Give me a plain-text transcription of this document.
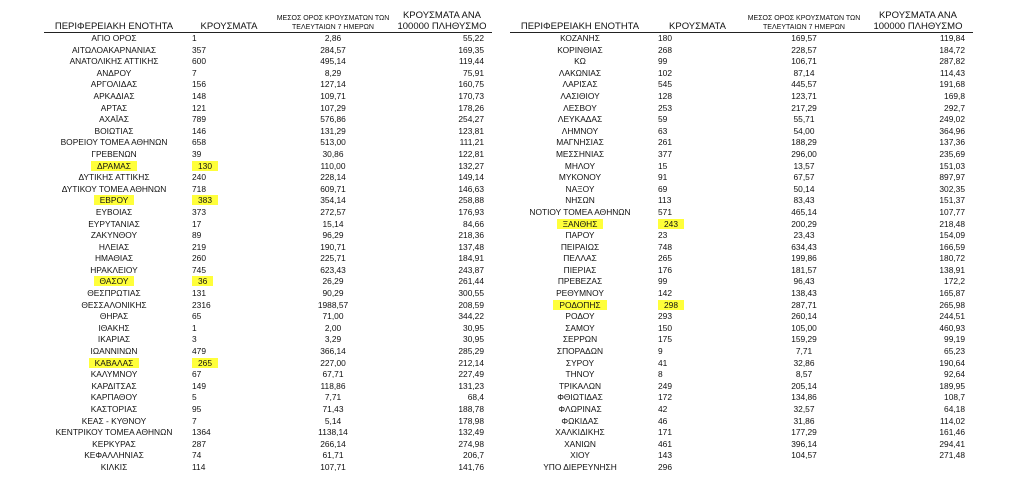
ΠΕΡΙΦΕΡΕΙΑΚΗ ΕΝΟΤΗΤΑ	ΚΡΟΥΣΜΑΤΑ	ΜΕΣΟΣ ΟΡΟΣ ΚΡΟΥΣΜΑΤΩΝ ΤΩΝ ΤΕΛΕΥΤΑΙΩΝ 7 ΗΜΕΡΩΝ	ΚΡΟΥΣΜΑΤΑ ΑΝΑ 100000 ΠΛΗΘΥΣΜΟ
ΑΓΙΟ ΟΡΟΣ	1	2,86	55,22
ΑΙΤΩΛΟΑΚΑΡΝΑΝΙΑΣ	357	284,57	169,35
ΑΝΑΤΟΛΙΚΗΣ ΑΤΤΙΚΗΣ	600	495,14	119,44
ΑΝΔΡΟΥ	7	8,29	75,91
ΑΡΓΟΛΙΔΑΣ	156	127,14	160,75
ΑΡΚΑΔΙΑΣ	148	109,71	170,73
ΑΡΤΑΣ	121	107,29	178,26
ΑΧΑΪΑΣ	789	576,86	254,27
ΒΟΙΩΤΙΑΣ	146	131,29	123,81
ΒΟΡΕΙΟΥ ΤΟΜΕΑ ΑΘΗΝΩΝ	658	513,00	111,21
ΓΡΕΒΕΝΩΝ	39	30,86	122,81
ΔΡΑΜΑΣ	130	110,00	132,27
ΔΥΤΙΚΗΣ ΑΤΤΙΚΗΣ	240	228,14	149,14
ΔΥΤΙΚΟΥ ΤΟΜΕΑ ΑΘΗΝΩΝ	718	609,71	146,63
ΕΒΡΟΥ	383	354,14	258,88
ΕΥΒΟΙΑΣ	373	272,57	176,93
ΕΥΡΥΤΑΝΙΑΣ	17	15,14	84,66
ΖΑΚΥΝΘΟΥ	89	96,29	218,36
ΗΛΕΙΑΣ	219	190,71	137,48
ΗΜΑΘΙΑΣ	260	225,71	184,91
ΗΡΑΚΛΕΙΟΥ	745	623,43	243,87
ΘΑΣΟΥ	36	26,29	261,44
ΘΕΣΠΡΩΤΙΑΣ	131	90,29	300,55
ΘΕΣΣΑΛΟΝΙΚΗΣ	2316	1988,57	208,59
ΘΗΡΑΣ	65	71,00	344,22
ΙΘΑΚΗΣ	1	2,00	30,95
ΙΚΑΡΙΑΣ	3	3,29	30,95
ΙΩΑΝΝΙΝΩΝ	479	366,14	285,29
ΚΑΒΑΛΑΣ	265	227,00	212,14
ΚΑΛΥΜΝΟΥ	67	67,71	227,49
ΚΑΡΔΙΤΣΑΣ	149	118,86	131,23
ΚΑΡΠΑΘΟΥ	5	7,71	68,4
ΚΑΣΤΟΡΙΑΣ	95	71,43	188,78
ΚΕΑΣ - ΚΥΘΝΟΥ	7	5,14	178,98
ΚΕΝΤΡΙΚΟΥ ΤΟΜΕΑ ΑΘΗΝΩΝ	1364	1138,14	132,49
ΚΕΡΚΥΡΑΣ	287	266,14	274,98
ΚΕΦΑΛΛΗΝΙΑΣ	74	61,71	206,7
ΚΙΛΚΙΣ	114	107,71	141,76
ΠΕΡΙΦΕΡΕΙΑΚΗ ΕΝΟΤΗΤΑ	ΚΡΟΥΣΜΑΤΑ	ΜΕΣΟΣ ΟΡΟΣ ΚΡΟΥΣΜΑΤΩΝ ΤΩΝ ΤΕΛΕΥΤΑΙΩΝ 7 ΗΜΕΡΩΝ	ΚΡΟΥΣΜΑΤΑ ΑΝΑ 100000 ΠΛΗΘΥΣΜΟ
ΚΟΖΑΝΗΣ	180	169,57	119,84
ΚΟΡΙΝΘΙΑΣ	268	228,57	184,72
ΚΩ	99	106,71	287,82
ΛΑΚΩΝΙΑΣ	102	87,14	114,43
ΛΑΡΙΣΑΣ	545	445,57	191,68
ΛΑΣΙΘΙΟΥ	128	123,71	169,8
ΛΕΣΒΟΥ	253	217,29	292,7
ΛΕΥΚΑΔΑΣ	59	55,71	249,02
ΛΗΜΝΟΥ	63	54,00	364,96
ΜΑΓΝΗΣΙΑΣ	261	188,29	137,36
ΜΕΣΣΗΝΙΑΣ	377	296,00	235,69
ΜΗΛΟΥ	15	13,57	151,03
ΜΥΚΟΝΟΥ	91	67,57	897,97
ΝΑΞΟΥ	69	50,14	302,35
ΝΗΣΩΝ	113	83,43	151,37
ΝΟΤΙΟΥ ΤΟΜΕΑ ΑΘΗΝΩΝ	571	465,14	107,77
ΞΑΝΘΗΣ	243	200,29	218,48
ΠΑΡΟΥ	23	23,43	154,09
ΠΕΙΡΑΙΩΣ	748	634,43	166,59
ΠΕΛΛΑΣ	265	199,86	180,72
ΠΙΕΡΙΑΣ	176	181,57	138,91
ΠΡΕΒΕΖΑΣ	99	96,43	172,2
ΡΕΘΥΜΝΟΥ	142	138,43	165,87
ΡΟΔΟΠΗΣ	298	287,71	265,98
ΡΟΔΟΥ	293	260,14	244,51
ΣΑΜΟΥ	150	105,00	460,93
ΣΕΡΡΩΝ	175	159,29	99,19
ΣΠΟΡΑΔΩΝ	9	7,71	65,23
ΣΥΡΟΥ	41	32,86	190,64
ΤΗΝΟΥ	8	8,57	92,64
ΤΡΙΚΑΛΩΝ	249	205,14	189,95
ΦΘΙΩΤΙΔΑΣ	172	134,86	108,7
ΦΛΩΡΙΝΑΣ	42	32,57	64,18
ΦΩΚΙΔΑΣ	46	31,86	114,02
ΧΑΛΚΙΔΙΚΗΣ	171	177,29	161,46
ΧΑΝΙΩΝ	461	396,14	294,41
ΧΙΟΥ	143	104,57	271,48
ΥΠΟ ΔΙΕΡΕΥΝΗΣΗ	296		
